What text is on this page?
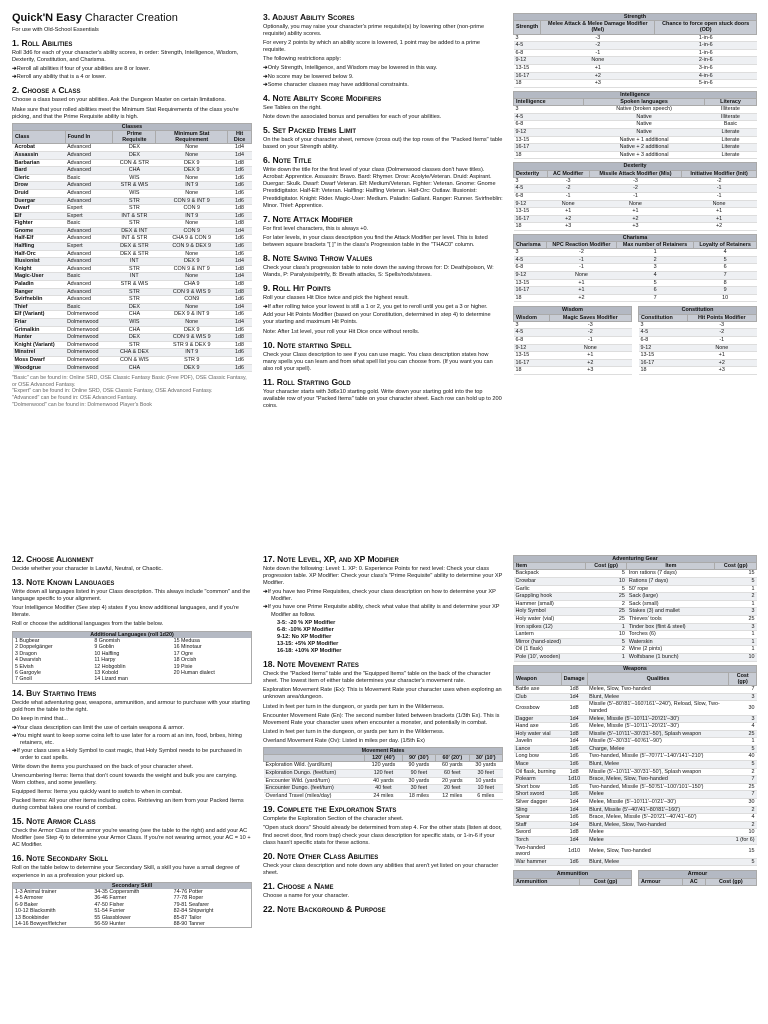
Quick'N Easy Character Creation

For use with Old-School Essentials

1. Roll Abilities

Roll 3d6 for each of your character's ability scores, in order: Strength, Intelligence, Wisdom, Dexterity, Constitution, and Charisma.

➔ Reroll all abilities if four of your abilities are 8 or lower.

➔ Reroll any ability that is a 4 or lower.

2. Choose a Class

Choose a class based on your abilities. Ask the Dungeon Master on certain limitations.

Make sure that your rolled abilities meet the Minimum Stat Requirements of the class you're picking, and that the Prime Requisite ability is high.

Classes				
Class	Found In	Prime Requisite	Minimum Stat Requirement	Hit Dice
Acrobat	Advanced	DEX	None	1d4
Assassin	Advanced	DEX	None	1d4
Barbarian	Advanced	CON & STR	DEX 9	1d8
Bard	Advanced	CHA	DEX 9	1d6
Cleric	Basic	WIS	None	1d6
Drow	Advanced	STR & WIS	INT 9	1d6
Druid	Advanced	WIS	None	1d6
Duergar	Advanced	STR	CON 9 & INT 9	1d6
Dwarf	Expert	STR	CON 9	1d8
Elf	Expert	INT & STR	INT 9	1d6
Fighter	Basic	STR	None	1d8
Gnome	Advanced	DEX & INT	CON 9	1d4
Half-Elf	Advanced	INT & STR	CHA 9 & CON 9	1d6
Halfling	Expert	DEX & STR	CON 9 & DEX 9	1d6
Half-Orc	Advanced	DEX & STR	None	1d6
Illusionist	Advanced	INT	DEX 9	1d4
Knight	Advanced	STR	CON 9 & INT 9	1d8
Magic-User	Basic	INT	None	1d4
Paladin	Advanced	STR & WIS	CHA 9	1d8
Ranger	Advanced	STR	CON 9 & WIS 9	1d8
Svirfneblin	Advanced	STR	CON9	1d6
Thief	Basic	DEX	None	1d4
Elf (Variant)	Dolmenwood	CHA	DEX 9 & INT 9	1d6
Friar	Dolmenwood	WIS	None	1d4
Grimalkin	Dolmenwood	CHA	DEX 9	1d6
Hunter	Dolmenwood	DEX	CON 9 & WIS 9	1d8
Knight (Variant)	Dolmenwood	STR	STR 9 & DEX 9	1d8
Minstrel	Dolmenwood	CHA & DEX	INT 9	1d6
Moss Dwarf	Dolmenwood	CON & WIS	STR 9	1d6
Woodgrue	Dolmenwood	CHA	DEX 9	1d6

"Basic" can be found in: Online SRD, OSE Classic Fantasy Basic (Free PDF), OSE Classic Fantasy, or OSE Advanced Fantasy.

"Expert" can be found in: Online SRD, OSE Classic Fantasy, OSE Advanced Fantasy.

"Advanced" can be found in: OSE Advanced Fantasy.

"Dolmenwood" can be found in: Dolmenwood Player's Book

3. Adjust Ability Scores

Optionally, you may raise your character's prime requisite(s) by lowering other (non-prime requisite) ability scores.

For every 2 points by which an ability score is lowered, 1 point may be added to a prime requisite.

The following restrictions apply:

➔ Only Strength, Intelligence, and Wisdom may be lowered in this way.

➔ No score may be lowered below 9.

➔ Some character classes may have additional constraints.

4. Note Ability Score Modifiers

See Tables on the right.

Note down the associated bonus and penalties for each of your abilities.

5. Set Packed Items Limit

On the back of your character sheet, remove (cross out) the top rows of the "Packed Items" table based on your Strength ability.

6. Note Title

Write down the title for the first level of your class (Dolmenwood classes don't have titles). Acrobat: Apprentice. Assassin: Bravo. Bard: Rhymer. Drow: Acolyte/Veteran. Druid: Aspirant. Duergar: Skulk. Dwarf: Dwarf Veteran. Elf: Medium/Veteran. Fighter: Veteran. Gnome: Gnome Prestidigitator. Half-Elf: Veteran. Halfling: Halfling Veteran. Half-Orc: Outlaw. Illusionist: Prestidigitator. Knight: Rider. Magic-User: Medium. Paladin: Gallant. Ranger: Runner. Svirfneblin: Minor. Thief: Apprentice.

7. Note Attack Modifier

For first level characters, this is always +0.

For later levels, in your class description you find the Attack Modifier per level. This is listed between square brackets "[ ]" in the class's Progression table in the "THAC0" column.

8. Note Saving Throw Values

Check your class's progression table to note down the saving throws for: D: Death/poison, W: Wands, P: Paralysis/petrify, B: Breath attacks, S: Spells/rods/staves.

9. Roll Hit Points

Roll your classes Hit Dice twice and pick the highest result.

➔ If after rolling twice your lowest is still a 1 or 2, you get to reroll until you get a 3 or higher.

Add your Hit Points Modifier (based on your Constitution, determined in step 4) to determine your starting and maximum Hit Points.

Note: After 1st level, your roll your Hit Dice once without rerolls.

10. Note starting Spell

Check your Class description to see if you can use magic. You class description states how many spells you can learn and from what spell list you can choose from. (If you want you can also roll your spell).

11. Roll Starting Gold

Your character starts with 3d6x10 starting gold. Write down your starting gold into the top available row of your "Packed Items" table on your character sheet. Each row can hold up to 200 coins.

Strength		
Strength	Melee Attack & Melee Damage Modifier (Mel)	Chance to force open stuck doors (OD)
3	-3	1-in-6
4-5	-2	1-in-6
6-8	-1	1-in-6
9-12	None	2-in-6
13-15	+1	3-in-6
16-17	+2	4-in-6
18	+3	5-in-6
Intelligence		
Intelligence	Spoken languages	Literacy
3	Native (broken speech)	Illiterate
4-5	Native	Illiterate
6-8	Native	Basic
9-12	Native	Literate
13-15	Native + 1 additional	Literate
16-17	Native + 2 additional	Literate
18	Native + 3 additional	Literate
Dexterity			
Dexterity	AC Modifier	Missile Attack Modifier (Mis)	Initiative Modifier (Init)
3	-3	-3	-2
4-5	-2	-2	-1
6-8	-1	-1	-1
9-12	None	None	None
13-15	+1	+1	+1
16-17	+2	+2	+1
18	+3	+3	+2
Charisma			
Charisma	NPC Reaction Modifier	Max number of Retainers	Loyalty of Retainers
3	-2	1	4
4-5	-1	2	5
6-8	-1	3	6
9-12	None	4	7
13-15	+1	5	8
16-17	+1	6	9
18	+2	7	10
Wisdom	
Wisdom	Magic Saves Modifier
3	-3
4-5	-2
6-8	-1
9-12	None
13-15	+1
16-17	+2
18	+3
Constitution	
Constitution	Hit Points Modifier
3	-3
4-5	-2
6-8	-1
9-12	None
13-15	+1
16-17	+2
18	+3
12. Choose Alignment

Decide whether your character is Lawful, Neutral, or Chaotic.

13. Note Known Languages

Write down all languages listed in your Class description. This always include "common" and the language specific to your alignment.

Your Intelligence Modifier (See step 4) states if you know additional languages, and if you're literate.

Roll or choose the additional languages from the table below.

Additional Languages (roll 1d20)
1 Bugbear	8 Gnomish	15 Medusa
2 Doppelgänger	9 Goblin	16 Minotaur
3 Dragon	10 Halfling	17 Ogre
4 Dwarvish	11 Harpy	18 Orcish
5 Elvish	12 Hobgoblin	19 Pixie
6 Gargoyle	13 Kobold	20 Human dialect
7 Gnoll	14 Lizard man
14. Buy Starting Items

Decide what adventuring gear, weapons, ammunition, and armour to purchase with your starting gold from the table to the right.

Do keep in mind that...

➔ Your class description can limit the use of certain weapons & armor.

➔ You might want to keep some coins left to use later for a room at an inn, food, bribes, hiring retainers, etc.

➔ If your class uses a Holy Symbol to cast magic, that Holy Symbol needs to be purchased in order to cast spells.

Write down the items you purchased on the back of your character sheet.

Unencumbering Items: Items that don't count towards the weight and bulk you are carrying. Worn clothes, and some jewellery.

Equipped Items: Items you quickly want to switch to when in combat.

Packed Items: All your other items including coins. Retrieving an item from your Packed Items during combat takes one round of combat.

15. Note Armor Class

Check the Armor Class of the armor you're wearing (see the table to the right) and add your AC Modifier (see Step 4) to determine your Armor Class. If you're not wearing armor, your AC = 10 + AC Modifier.

16. Note Secondary Skill

Roll on the table below to determine your Secondary Skill, a skill you have a small degree of experience in as a profession your picked up.

Secondary Skill
1-3 Animal trainer	34-35 Coppersmith	74-76 Potter
4-5 Armorer	36-46 Farmer	77-78 Roper
6-9 Baker	47-50 Fisher	79-81 Seafarer
10-12 Blacksmith	51-54 Furrier	82-84 Shipwright
13 Bookbinder	55 Glassblower	85-87 Tailor
14-16 Bowyer/fletcher	56-59 Hunter	88-90 Tanner
17. Note Level, XP, and XP Modifier

Note down the following: Level: 1. XP: 0. Experience Points for next level: Check your class progression table. XP Modifier: Check your class's "Prime Requisite" ability to determine your XP Modifier.

➔ If you have two Prime Requisites, check your class description on how to determine your XP Modifier.

➔ If you have one Prime Requisite ability, check what value that ability is and determine your XP Modifier as follow.

3-5: -20 % XP Modifier
6-8: -10% XP Modifier
9-12: No XP Modifier
13-15: +5% XP Modifier
16-18: +10% XP Modifier
18. Note Movement Rates

Check the "Packed Items" table and the "Equipped Items" table on the back of the character sheet. The lowest item of either table determines your character's movement rate.

Exploration Movement Rate (Ex): This is Movement Rate your character uses when exploring an unknown area/dungeon.

Listed in feet per turn in the dungeon, or yards per turn in the Wilderness.

Encounter Movement Rate (En): The second number listed between brackets (1/3th Ex). This is Movement Rate your character uses when encounter a monster, and potentially in combat.

Listed in feet per turn in the dungeon, or yards per turn in the Wilderness.

Overland Movement Rate (Ov): Listed in miles per day. (1/5th Ex)

Movement Rates				
	120' (40')	90' (30')	60' (20')	30' (10')
Exploration Wild. (yard/turn)	120 yards	90 yards	60 yards	30 yards
Exploration Dungo. (feet/turn)	120 feet	90 feet	60 feet	30 feet
Encounter Wild. (yard/turn)	40 yards	30 yards	20 yards	10 yards
Encounter Dungo. (feet/turn)	40 feet	30 feet	20 feet	10 feet
Overland Travel (miles/day)	24 miles	18 miles	12 miles	6 miles
19. Complete the Exploration Stats

Complete the Exploration Section of the character sheet.

"Open stuck doors" Should already be determined from step 4. For the other stats (listen at door, find secret door, find room trap) check your class description for specific stats, or 1-in-6 if your class hasn't specific stats for these actions.

20. Note Other Class Abilities

Check your class description and note down any abilities that aren't yet listed on your character sheet.

21. Choose a Name

Choose a name for your character.

22. Note Background & Purpose
Adventuring Gear			
Item	Cost (gp)	Item	Cost (gp)
Backpack	5	Iron rations (7 days)	15
Crowbar	10	Rations (7 days)	5
Garlic	5	50' rope	1
Grappling hook	25	Sack (large)	2
Hammer (small)	2	Sack (small)	1
Holy Symbol	25	Stakes (3) and mallet	3
Holy water (vial)	25	Thieves' tools	25
Iron spikes (12)	1	Tinder box (flint & steel)	3
Lantern	10	Torches (6)	1
Mirror (hand-sized)	5	Waterskin	1
Oil (1 flask)	2	Wine (2 pints)	1
Pole (10', wooden)	1	Wolfsbane (1 bunch)	10
Weapons			
Weapon	Damage	Qualities	Cost (gp)
Battle axe	1d8	Melee, Slow, Two-handed	7
Club	1d4	Blunt, Melee	3
Crossbow	1d8	Missile (5'–80'/81'–160'/161'–240'), Reload, Slow, Two-handed	30
Dagger	1d4	Melee, Missile (5'–10'/11'–20'/21'–30')	3
Hand axe	1d6	Melee, Missile (5'–10'/11'–20'/21'–30')	4
Holy water vial	1d8	Missile (5'–10'/11'–30'/31'–50'), Splash weapon	25
Javelin	1d4	Missile (5'–30'/31'–60'/61'–90')	1
Lance	1d6	Charge, Melee	5
Long bow	1d6	Two-handed, Missile (5'–70'/71'–140'/141'–210')	40
Mace	1d6	Blunt, Melee	5
Oil flask, burning	1d8	Missile (5'–10'/11'–30'/31'–50'), Splash weapon	2
Polearm	1d10	Brace, Melee, Slow, Two-handed	7
Short bow	1d6	Two-handed, Missile (5'–50'/51'–100'/101'–150')	25
Short sword	1d6	Melee	7
Silver dagger	1d4	Melee, Missile (5'–10'/11'–0'/21'–30')	30
Sling	1d4	Blunt, Missile (5'–40'/41'–80'/81'–160')	2
Spear	1d6	Brace, Melee, Missile (5'–20'/21'–40'/41'–60')	4
Staff	1d4	Blunt, Melee, Slow, Two-handed	2
Sword	1d8	Melee	10
Torch	1d4	Melee	1 (for 6)
Two-handed sword	1d10	Melee, Slow, Two-handed	15
War hammer	1d6	Blunt, Melee	5
Ammunition
Ammunition	Cost (gp)
Armour
Armour	AC	Cost (gp)
